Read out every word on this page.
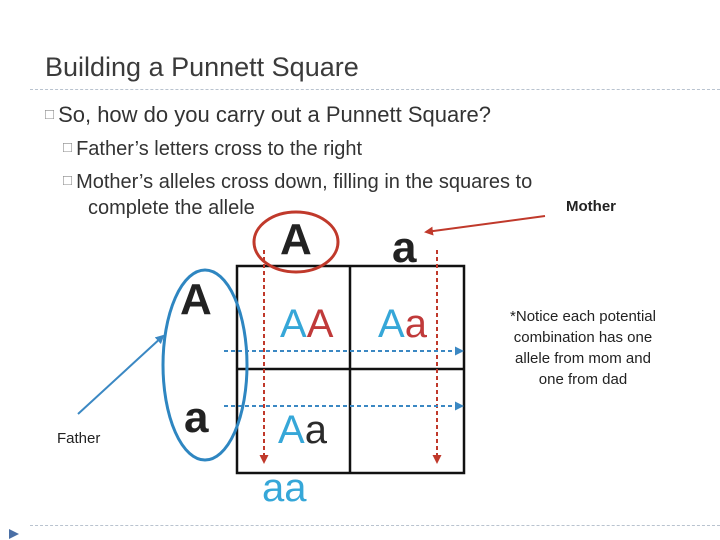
Building a Punnett Square
□ So, how do you carry out a Punnett Square?
□ Father’s letters cross to the right
□ Mother’s alleles cross down, filling in the squares to
complete the allele
A a
A
a
AA Aa
Aa
aa
Mother
Father
*Notice each potential combination has one allele from mom and one from dad
